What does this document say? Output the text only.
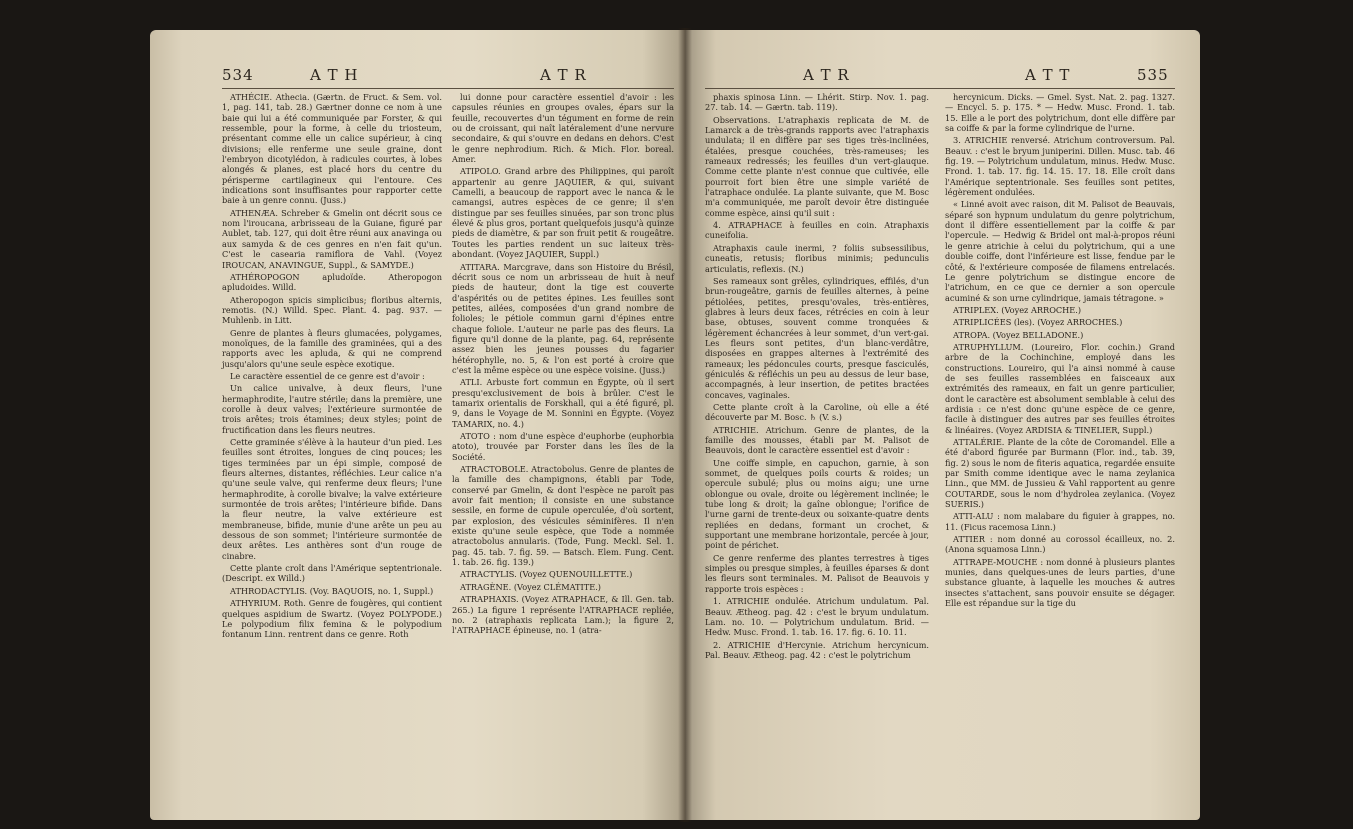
534	A T H	A T R

ATHÉCIE. Athecia. (Gærtn. de Fruct. & Sem. vol. 1, pag. 141, tab. 28.) Gærtner donne ce nom à une baie qui lui a été communiquée par Forster, & qui ressemble, pour la forme, à celle du triosteum, présentant comme elle un calice supérieur, à cinq divisions; elle renferme une seule graine, dont l'embryon dicotylédon, à radicules courtes, à lobes alongés & planes, est placé hors du centre du périsperme cartilagineux qui l'entoure. Ces indications sont insuffisantes pour rapporter cette baie à un genre connu. (Juss.)

ATHENÆA. Schreber & Gmelin ont décrit sous ce nom l'iroucana, arbrisseau de la Guiane, figuré par Aublet, tab. 127, qui doit être réuni aux anavinga ou aux samyda & de ces genres en n'en fait qu'un. C'est le casearia ramiflora de Vahl. (Voyez IROUCAN, ANAVINGUE, Suppl., & SAMYDE.)

ATHÉROPOGON apludoïde. Atheropogon apludoides. Willd.

Atheropogon spicis simplicibus; floribus alternis, remotis. (N.) Willd. Spec. Plant. 4. pag. 937. — Muhlenb. in Litt.

Genre de plantes à fleurs glumacées, polygames, monoïques, de la famille des graminées, qui a des rapports avec les apluda, & qui ne comprend jusqu'alors qu'une seule espèce exotique.

Le caractère essentiel de ce genre est d'avoir :

Un calice univalve, à deux fleurs, l'une hermaphrodite, l'autre stérile; dans la première, une corolle à deux valves; l'extérieure surmontée de trois arêtes; trois étamines; deux styles; point de fructification dans les fleurs neutres.

Cette graminée s'élève à la hauteur d'un pied. Les feuilles sont étroites, longues de cinq pouces; les tiges terminées par un épi simple, composé de fleurs alternes, distantes, réfléchies. Leur calice n'a qu'une seule valve, qui renferme deux fleurs; l'une hermaphrodite, à corolle bivalve; la valve extérieure surmontée de trois arêtes; l'intérieure bifide. Dans la fleur neutre, la valve extérieure est membraneuse, bifide, munie d'une arête un peu au dessous de son sommet; l'intérieure surmontée de deux arêtes. Les anthères sont d'un rouge de cinabre.

Cette plante croît dans l'Amérique septentrionale. (Descript. ex Willd.)

ATHRODACTYLIS. (Voy. BAQUOIS, no. 1, Suppl.)

ATHYRIUM. Roth. Genre de fougères, qui contient quelques aspidium de Swartz. (Voyez POLYPODE.) Le polypodium filix femina & le polypodium fontanum Linn. rentrent dans ce genre. Roth

lui donne pour caractère essentiel d'avoir : les capsules réunies en groupes ovales, épars sur la feuille, recouvertes d'un tégument en forme de rein ou de croissant, qui naît latéralement d'une nervure secondaire, & qui s'ouvre en dedans en dehors. C'est le genre nephrodium. Rich. & Mich. Flor. boreal. Amer.

ATIPOLO. Grand arbre des Philippines, qui paroît appartenir au genre JAQUIER, & qui, suivant Camelli, a beaucoup de rapport avec le nanca & le camangsi, autres espèces de ce genre; il s'en distingue par ses feuilles sinuées, par son tronc plus élevé & plus gros, portant quelquefois jusqu'à quinze pieds de diamètre, & par son fruit petit & rougeâtre. Toutes les parties rendent un suc laiteux très-abondant. (Voyez JAQUIER, Suppl.)

ATITARA. Marcgrave, dans son Histoire du Brésil, décrit sous ce nom un arbrisseau de huit à neuf pieds de hauteur, dont la tige est couverte d'aspérités ou de petites épines. Les feuilles sont petites, ailées, composées d'un grand nombre de folioles; le pétiole commun garni d'épines entre chaque foliole. L'auteur ne parle pas des fleurs. La figure qu'il donne de la plante, pag. 64, représente assez bien les jeunes pousses du fagarier hétérophylle, no. 5, & l'on est porté à croire que c'est la même espèce ou une espèce voisine. (Juss.)

ATLI. Arbuste fort commun en Égypte, où il sert presqu'exclusivement de bois à brûler. C'est le tamarix orientalis de Forskhall, qui a été figuré, pl. 9, dans le Voyage de M. Sonnini en Égypte. (Voyez TAMARIX, no. 4.)

ATOTO : nom d'une espèce d'euphorbe (euphorbia atoto), trouvée par Forster dans les îles de la Société.

ATRACTOBOLE. Atractobolus. Genre de plantes de la famille des champignons, établi par Tode, conservé par Gmelin, & dont l'espèce ne paroît pas avoir fait mention; il consiste en une substance sessile, en forme de cupule operculée, d'où sortent, par explosion, des vésicules séminifères. Il n'en existe qu'une seule espèce, que Tode a nommée atractobolus annularis. (Tode, Fung. Meckl. Sel. 1. pag. 45. tab. 7. fig. 59. — Batsch. Elem. Fung. Cent. 1. tab. 26. fig. 139.)

ATRACTYLIS. (Voyez QUENOUILLETTE.)

ATRAGÈNE. (Voyez CLÉMATITE.)

ATRAPHAXIS. (Voyez ATRAPHACE, & Ill. Gen. tab. 265.) La figure 1 représente l'ATRAPHACE repliée, no. 2 (atraphaxis replicata Lam.); la figure 2, l'ATRAPHACE épineuse, no. 1 (atra-

A T R	A T T	535

phaxis spinosa Linn. — Lhérit. Stirp. Nov. 1. pag. 27. tab. 14. — Gærtn. tab. 119).

Observations. L'atraphaxis replicata de M. de Lamarck a de très-grands rapports avec l'atraphaxis undulata; il en diffère par ses tiges très-inclinées, étalées, presque couchées, très-rameuses; les rameaux redressés; les feuilles d'un vert-glauque. Comme cette plante n'est connue que cultivée, elle pourroit fort bien être une simple variété de l'atraphace ondulée. La plante suivante, que M. Bosc m'a communiquée, me paroît devoir être distinguée comme espèce, ainsi qu'il suit :

4. ATRAPHACE à feuilles en coin. Atraphaxis cuneifolia.

Atraphaxis caule inermi, ? foliis subsessilibus, cuneatis, retusis; floribus minimis; pedunculis articulatis, reflexis. (N.)

Ses rameaux sont grêles, cylindriques, effilés, d'un brun-rougeâtre, garnis de feuilles alternes, à peine pétiolées, petites, presqu'ovales, très-entières, glabres à leurs deux faces, rétrécies en coin à leur base, obtuses, souvent comme tronquées & légèrement échancrées à leur sommet, d'un vert-gai. Les fleurs sont petites, d'un blanc-verdâtre, disposées en grappes alternes à l'extrémité des rameaux; les pédoncules courts, presque fasciculés, géniculés & réfléchis un peu au dessus de leur base, accompagnés, à leur insertion, de petites bractées concaves, vaginales.

Cette plante croît à la Caroline, où elle a été découverte par M. Bosc. ♄ (V. s.)

ATRICHIE. Atrichum. Genre de plantes, de la famille des mousses, établi par M. Palisot de Beauvois, dont le caractère essentiel est d'avoir :

Une coiffe simple, en capuchon, garnie, à son sommet, de quelques poils courts & roides; un opercule subulé; plus ou moins aigu; une urne oblongue ou ovale, droite ou légèrement inclinée; le tube long & droit; la gaîne oblongue; l'orifice de l'urne garni de trente-deux ou soixante-quatre dents repliées en dedans, formant un crochet, & supportant une membrane horizontale, percée à jour, point de périchet.

Ce genre renferme des plantes terrestres à tiges simples ou presque simples, à feuilles éparses & dont les fleurs sont terminales. M. Palisot de Beauvois y rapporte trois espèces :

1. ATRICHIE ondulée. Atrichum undulatum. Pal. Beauv. Ætheog. pag. 42 : c'est le bryum undulatum. Lam. no. 10. — Polytrichum undulatum. Brid. — Hedw. Musc. Frond. 1. tab. 16. 17. fig. 6. 10. 11.

2. ATRICHIE d'Hercynie. Atrichum hercynicum. Pal. Beauv. Ætheog. pag. 42 : c'est le polytrichum

hercynicum. Dicks. — Gmel. Syst. Nat. 2. pag. 1327. — Encycl. 5. p. 175. * — Hedw. Musc. Frond. 1. tab. 15. Elle a le port des polytrichum, dont elle diffère par sa coiffe & par la forme cylindrique de l'urne.

3. ATRICHIE renversé. Atrichum controversum. Pal. Beauv. : c'est le bryum juniperini. Dillen. Musc. tab. 46 fig. 19. — Polytrichum undulatum, minus. Hedw. Musc. Frond. 1. tab. 17. fig. 14. 15. 17. 18. Elle croît dans l'Amérique septentrionale. Ses feuilles sont petites, légèrement ondulées.

« Linné avoit avec raison, dit M. Palisot de Beauvais, séparé son hypnum undulatum du genre polytrichum, dont il diffère essentiellement par la coiffe & par l'opercule. — Hedwig & Bridel ont mal-à-propos réuni le genre atrichie à celui du polytrichum, qui a une double coiffe, dont l'inférieure est lisse, fendue par le côté, & l'extérieure composée de filamens entrelacés. Le genre polytrichum se distingue encore de l'atrichum, en ce que ce dernier a son opercule acuminé & son urne cylindrique, jamais tétragone. »

ATRIPLEX. (Voyez ARROCHE.)

ATRIPLICÉES (les). (Voyez ARROCHES.)

ATROPA. (Voyez BELLADONE.)

ATRUPHYLLUM. (Loureiro, Flor. cochin.) Grand arbre de la Cochinchine, employé dans les constructions. Loureiro, qui l'a ainsi nommé à cause de ses feuilles rassemblées en faisceaux aux extrémités des rameaux, en fait un genre particulier, dont le caractère est absolument semblable à celui des ardisia : ce n'est donc qu'une espèce de ce genre, facile à distinguer des autres par ses feuilles étroites & linéaires. (Voyez ARDISIA & TINELIER, Suppl.)

ATTALÉRIE. Plante de la côte de Coromandel. Elle a été d'abord figurée par Burmann (Flor. ind., tab. 39, fig. 2) sous le nom de fiteris aquatica, regardée ensuite par Smith comme identique avec le nama zeylanica Linn., que MM. de Jussieu & Vahl rapportent au genre COUTARDE, sous le nom d'hydrolea zeylanica. (Voyez SUERIS.)

ATTI-ALU : nom malabare du figuier à grappes, no. 11. (Ficus racemosa Linn.)

ATTIER : nom donné au corossol écailleux, no. 2. (Anona squamosa Linn.)

ATTRAPE-MOUCHE : nom donné à plusieurs plantes munies, dans quelques-unes de leurs parties, d'une substance gluante, à laquelle les mouches & autres insectes s'attachent, sans pouvoir ensuite se dégager. Elle est répandue sur la tige du
